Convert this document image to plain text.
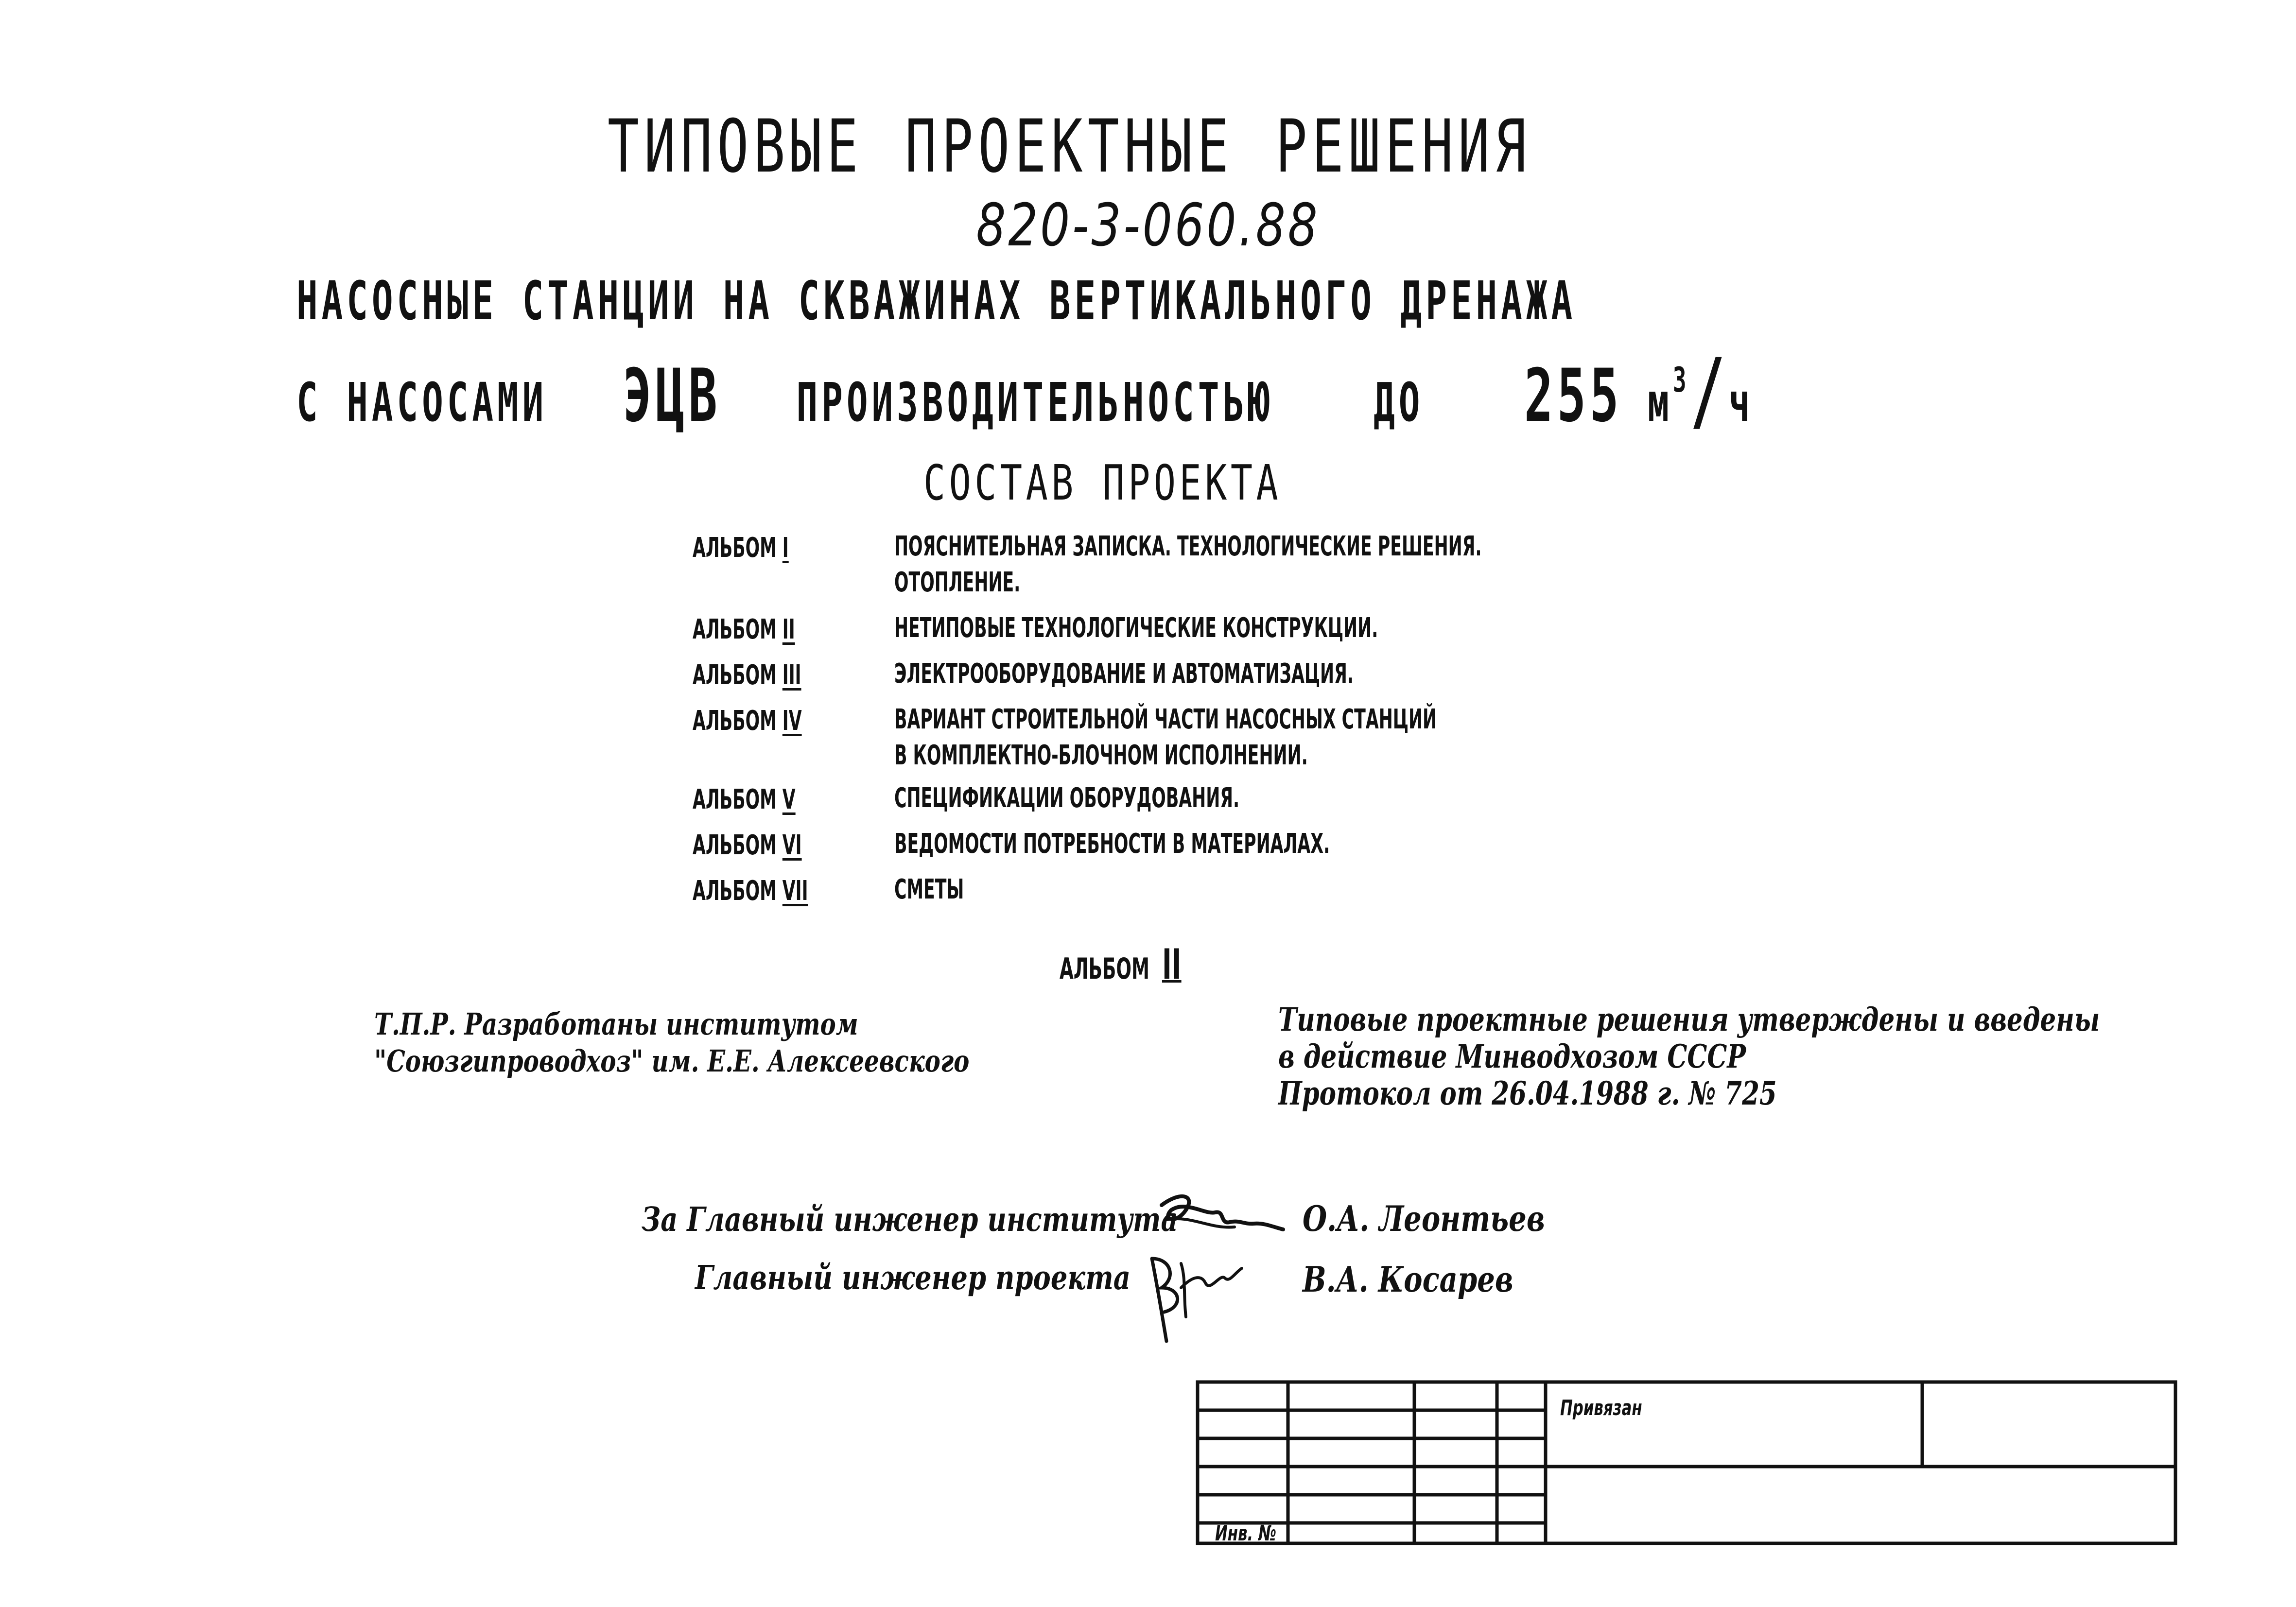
ТИПОВЫЕ ПРОЕКТНЫЕ РЕШЕНИЯ
820-3-060.88
НАСОСНЫЕ СТАНЦИИ НА СКВАЖИНАХ ВЕРТИКАЛЬНОГО ДРЕНАЖА
С НАСОСАМИ ЭЦВ ПРОИЗВОДИТЕЛЬНОСТЬЮ ДО 255 $м^3/ч$
СОСТАВ ПРОЕКТА
АЛЬБОМ I	ПОЯСНИТЕЛЬНАЯ ЗАПИСКА. ТЕХНОЛОГИЧЕСКИЕ РЕШЕНИЯ.
ОТОПЛЕНИЕ.
АЛЬБОМ II	НЕТИПОВЫЕ ТЕХНОЛОГИЧЕСКИЕ КОНСТРУКЦИИ.
АЛЬБОМ III	ЭЛЕКТРООБОРУДОВАНИЕ И АВТОМАТИЗАЦИЯ.
АЛЬБОМ IV	ВАРИАНТ СТРОИТЕЛЬНОЙ ЧАСТИ НАСОСНЫХ СТАНЦИЙ
В КОМПЛЕКТНО-БЛОЧНОМ ИСПОЛНЕНИИ.
АЛЬБОМ V	СПЕЦИФИКАЦИИ ОБОРУДОВАНИЯ.
АЛЬБОМ VI	ВЕДОМОСТИ ПОТРЕБНОСТИ В МАТЕРИАЛАХ.
АЛЬБОМ VII	СМЕТЫ
АЛЬБОМ II
Т.П.Р. Разработаны институтом
"Союзгипроводхоз" им. Е.Е. Алексеевского
Типовые проектные решения утверждены и введены
в действие Минводхозом СССР
Протокол от 26.04.1988 г. № 725
За Главный инженер института	О.А. Леонтьев
Главный инженер проекта	В.А. Косарев
Привязан
Инв. №
